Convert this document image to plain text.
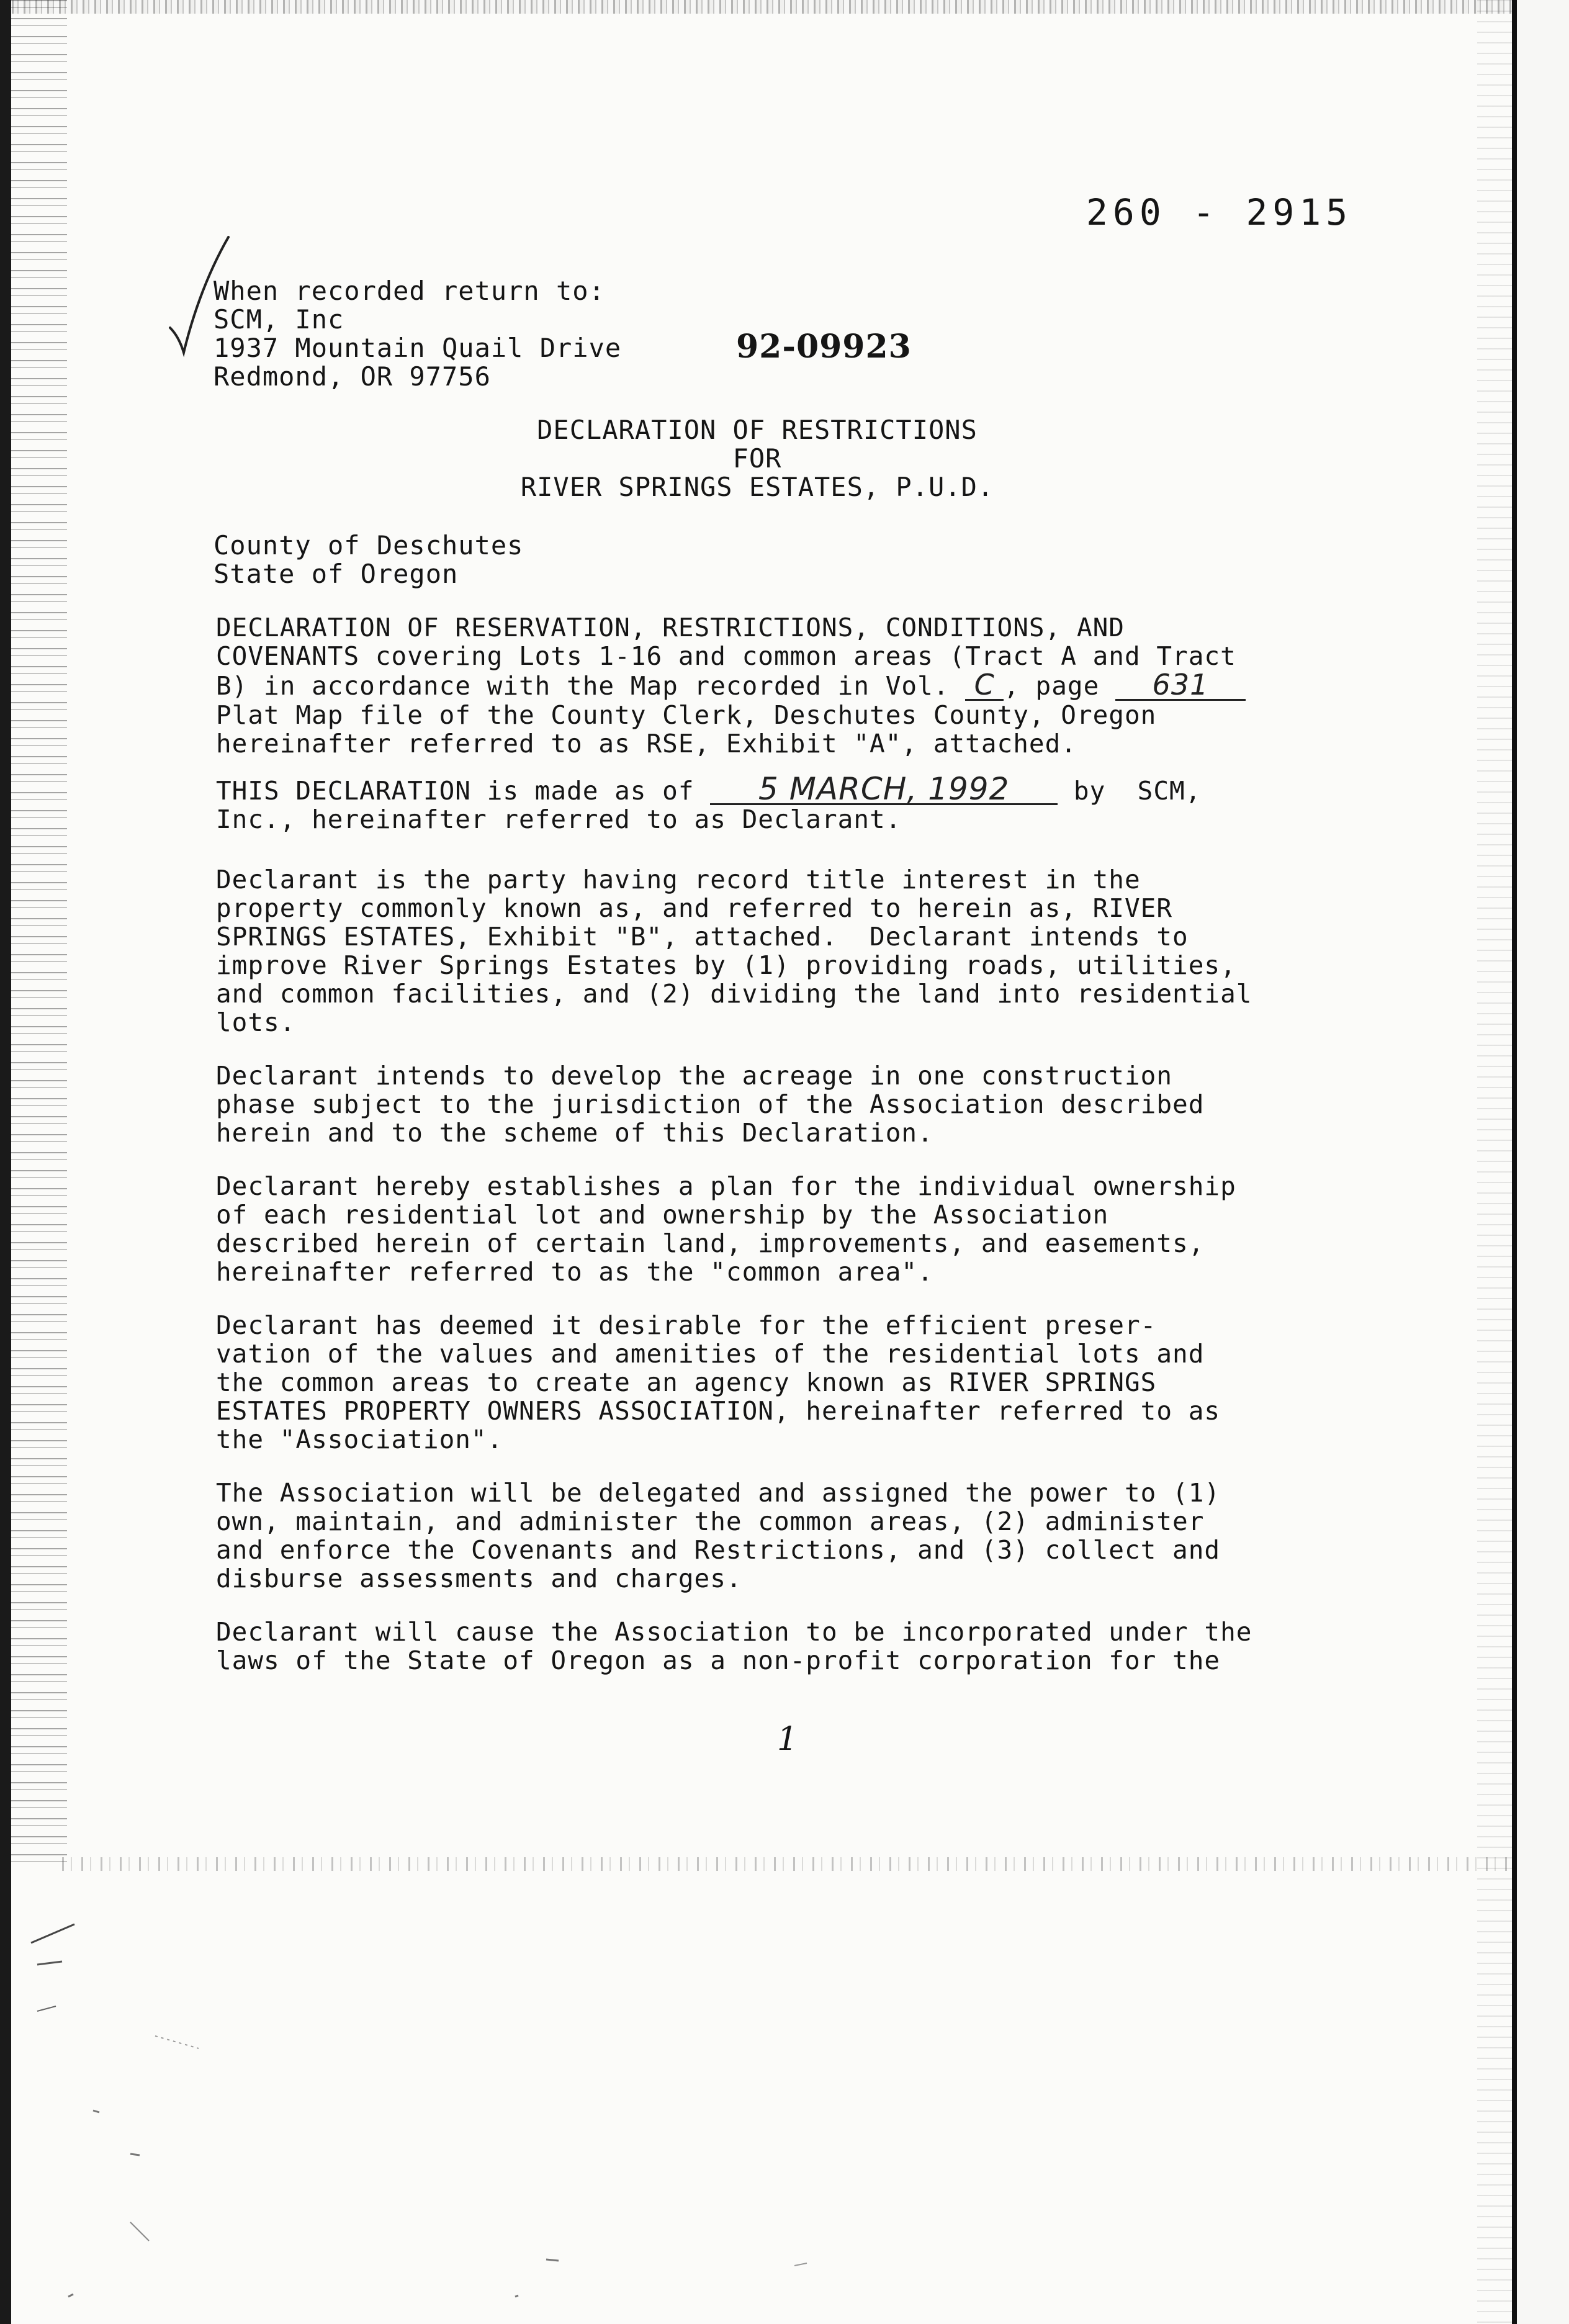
260 - 2915
When recorded return to:
SCM, Inc
1937 Mountain Quail Drive
Redmond, OR 97756
92-09923
DECLARATION OF RESTRICTIONS
FOR
RIVER SPRINGS ESTATES, P.U.D.
County of Deschutes
State of Oregon
DECLARATION OF RESERVATION, RESTRICTIONS, CONDITIONS, AND
COVENANTS covering Lots 1-16 and common areas (Tract A and Tract
B) in accordance with the Map recorded in Vol. C , page 631
Plat Map file of the County Clerk, Deschutes County, Oregon
hereinafter referred to as RSE, Exhibit "A", attached.
THIS DECLARATION is made as of 5 MARCH, 1992 by  SCM,
Inc., hereinafter referred to as Declarant.
Declarant is the party having record title interest in the
property commonly known as, and referred to herein as, RIVER
SPRINGS ESTATES, Exhibit "B", attached.  Declarant intends to
improve River Springs Estates by (1) providing roads, utilities,
and common facilities, and (2) dividing the land into residential
lots.
Declarant intends to develop the acreage in one construction
phase subject to the jurisdiction of the Association described
herein and to the scheme of this Declaration.
Declarant hereby establishes a plan for the individual ownership
of each residential lot and ownership by the Association
described herein of certain land, improvements, and easements,
hereinafter referred to as the "common area".
Declarant has deemed it desirable for the efficient preser-
vation of the values and amenities of the residential lots and
the common areas to create an agency known as RIVER SPRINGS
ESTATES PROPERTY OWNERS ASSOCIATION, hereinafter referred to as
the "Association".
The Association will be delegated and assigned the power to (1)
own, maintain, and administer the common areas, (2) administer
and enforce the Covenants and Restrictions, and (3) collect and
disburse assessments and charges.
Declarant will cause the Association to be incorporated under the
laws of the State of Oregon as a non-profit corporation for the
1
